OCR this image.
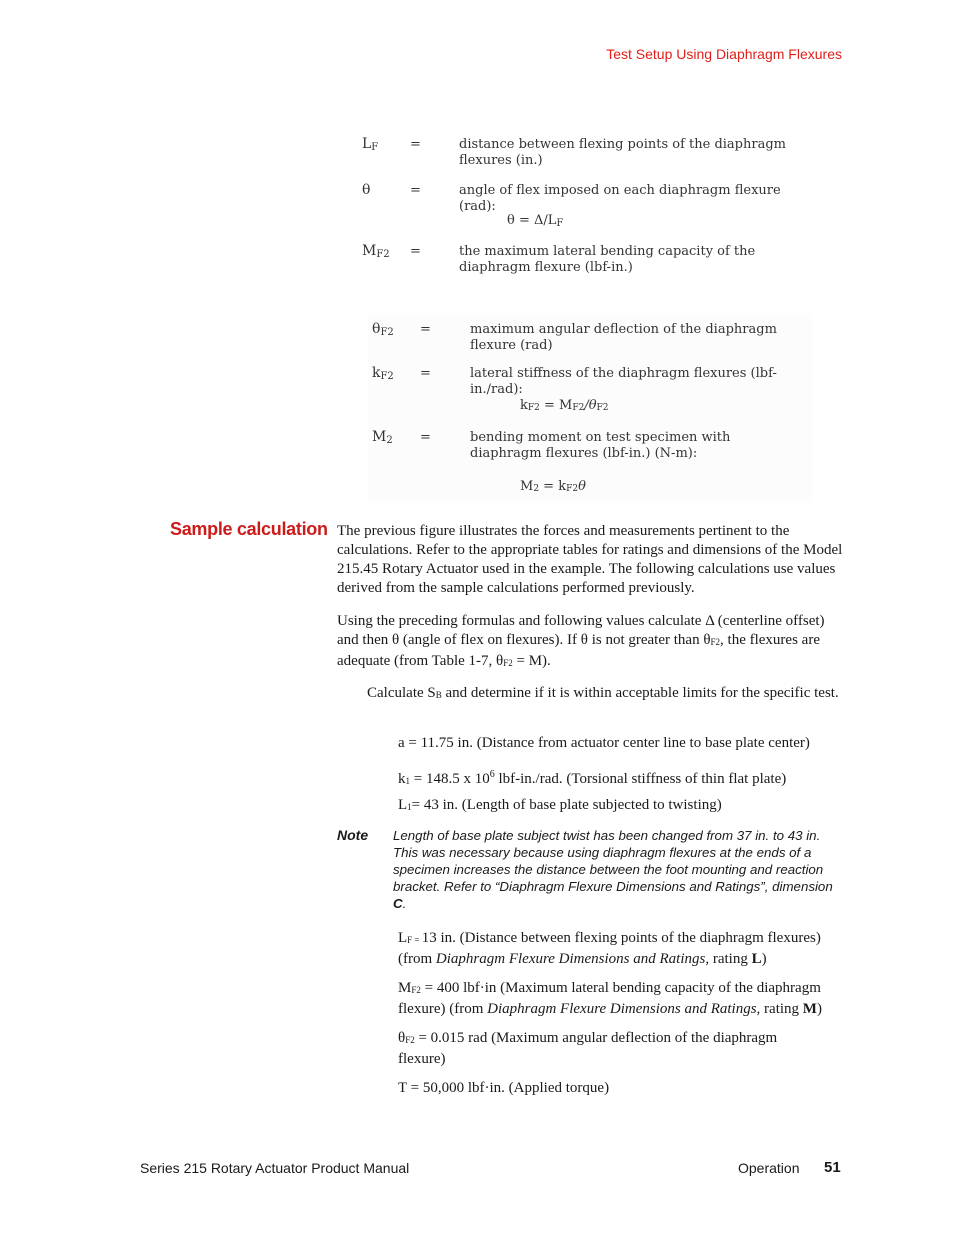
Test Setup Using Diaphragm Flexures
$L_F$ =	distance between flexing points of the diaphragm flexures (in.)
θ	=	angle of flex imposed on each diaphragm flexure (rad):
$\theta = \Delta/L_F$
$M_{F2}$ =	the maximum lateral bending capacity of the diaphragm flexure (lbf-in.)
$\theta_{F2}$ =	maximum angular deflection of the diaphragm flexure (rad)
$k_{F2}$ =	lateral stiffness of the diaphragm flexures (lbf-in./rad):
$k_{F2} = M_{F2}/\theta_{F2}$
$M_2$ =	bending moment on test specimen with diaphragm flexures (lbf-in.) (N-m):
$M_2 = k_{F2}\theta$
Sample calculation The previous figure illustrates the forces and measurements pertinent to the calculations. Refer to the appropriate tables for ratings and dimensions of the Model 215.45 Rotary Actuator used in the example. The following calculations use values derived from the sample calculations performed previously.
Using the preceding formulas and following values calculate Δ (centerline offset) and then θ (angle of flex on flexures). If θ is not greater than $\theta_{F2}$, the flexures are adequate (from Table 1-7, $\theta_{F2} = M$).
Calculate $S_B$ and determine if it is within acceptable limits for the specific test.
a = 11.75 in. (Distance from actuator center line to base plate center)
$k_1 = 148.5$ x $10^6$ lbf-in./rad. (Torsional stiffness of thin flat plate)
$L_1= 43$ in. (Length of base plate subjected to twisting)
Note Length of base plate subject twist has been changed from 37 in. to 43 in. This was necessary because using diaphragm flexures at the ends of a specimen increases the distance between the foot mounting and reaction bracket. Refer to “Diaphragm Flexure Dimensions and Ratings”, dimension C.
$L_{F =}$ 13 in. (Distance between flexing points of the diaphragm flexures) (from Diaphragm Flexure Dimensions and Ratings, rating L)
$M_{F2} = 400$ lbf·in (Maximum lateral bending capacity of the diaphragm flexure) (from Diaphragm Flexure Dimensions and Ratings, rating M)
$\theta_{F2} = 0.015$ rad (Maximum angular deflection of the diaphragm flexure)
T = 50,000 lbf·in. (Applied torque)
Series 215 Rotary Actuator Product Manual	Operation 51
